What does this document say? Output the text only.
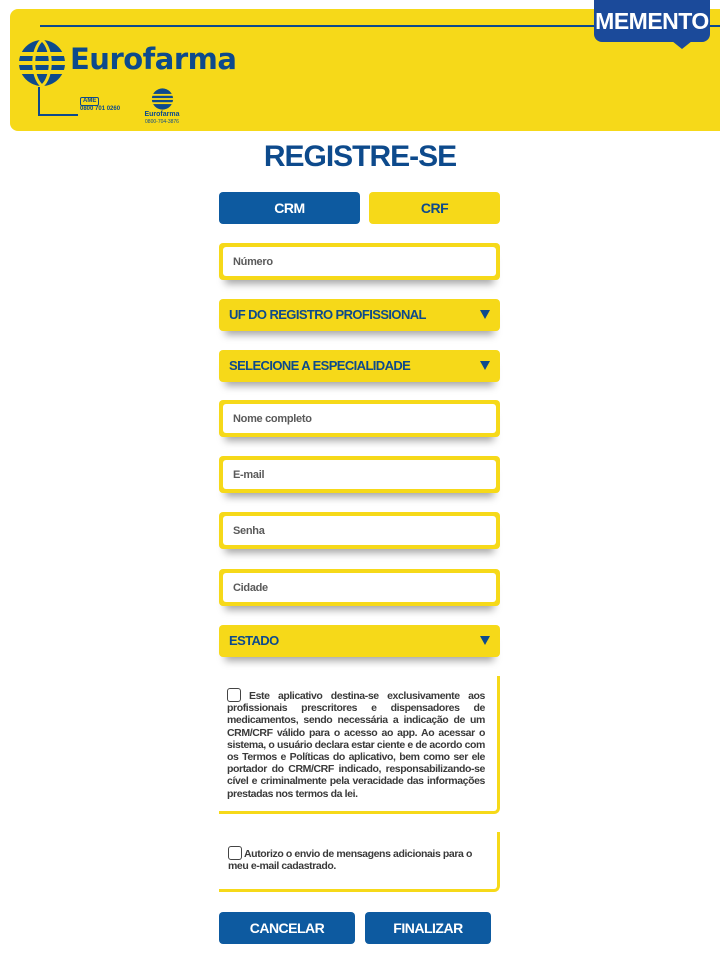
Eurofarma
AME
0800 701 0260
Eurofarma
0800-704-3876
MEMENTO
REGISTRE-SE
CRM	CRF
Número
UF DO REGISTRO PROFISSIONAL
SELECIONE A ESPECIALIDADE
Nome completo
E-mail
Cidade
ESTADO

Este aplicativo destina-se exclusivamente aos profissionais prescritores e dispensadores de medicamentos, sendo necessária a indicação de um CRM/CRF válido para o acesso ao app. Ao acessar o sistema, o usuário declara estar ciente e de acordo com os Termos e Políticas do aplicativo, bem como ser ele portador do CRM/CRF indicado, responsabilizando-se cível e criminalmente pela veracidade das informações prestadas nos termos da lei.

Autorizo o envio de mensagens adicionais para o meu e-mail cadastrado.

CANCELAR	FINALIZAR
